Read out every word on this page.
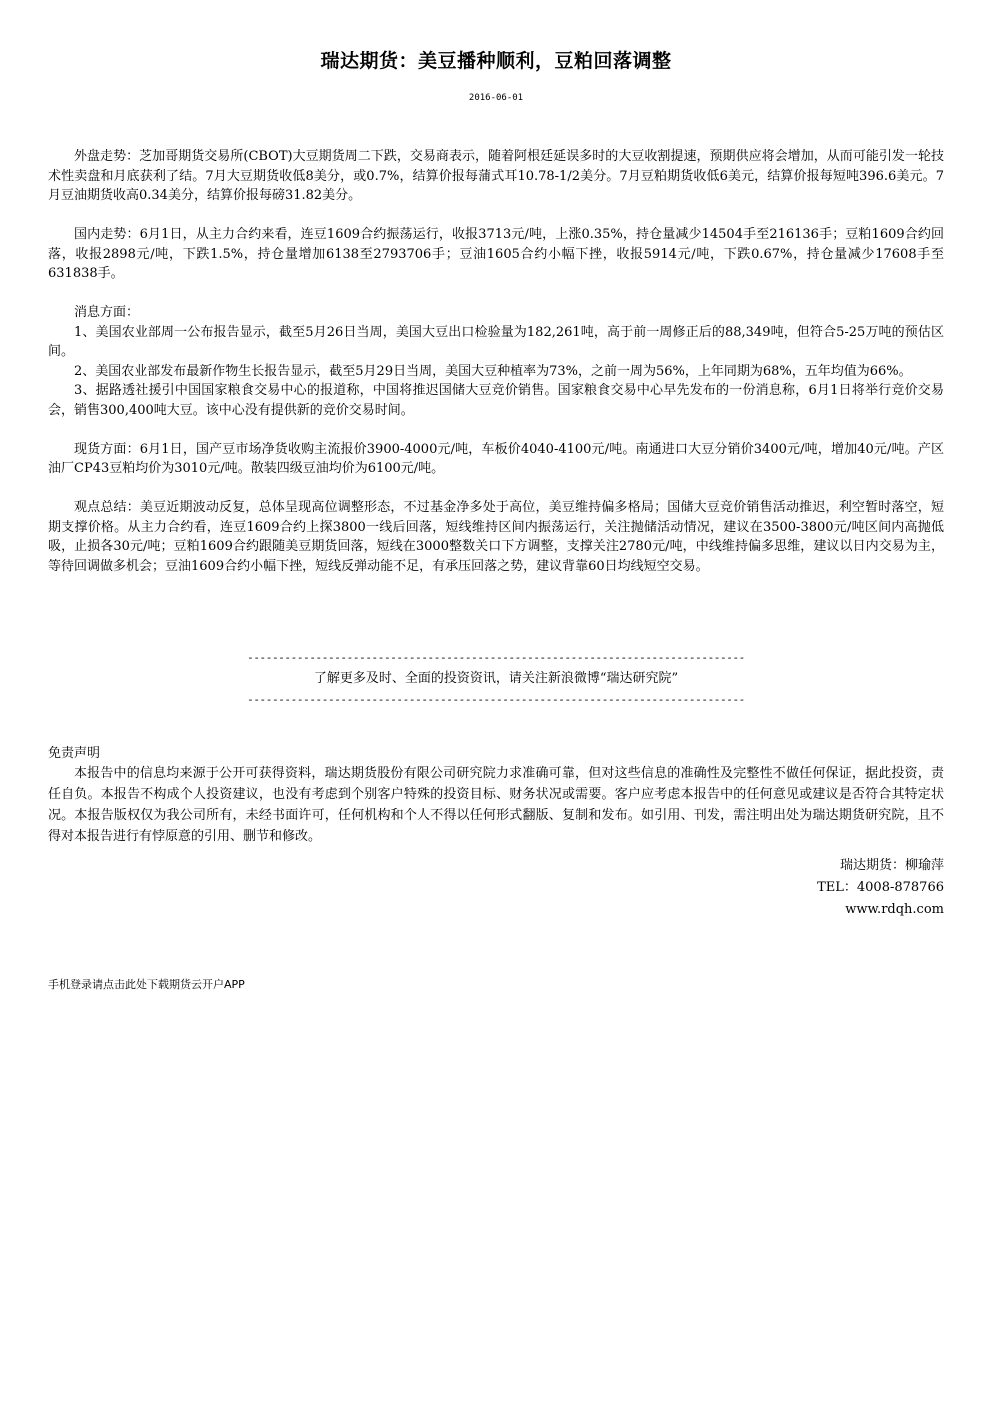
瑞达期货：美豆播种顺利，豆粕回落调整
2016-06-01

外盘走势：芝加哥期货交易所(CBOT)大豆期货周二下跌，交易商表示，随着阿根廷延误多时的大豆收割提速，预期供应将会增加，从而可能引发一轮技术性卖盘和月底获利了结。7月大豆期货收低8美分，或0.7%，结算价报每蒲式耳10.78-1/2美分。7月豆粕期货收低6美元，结算价报每短吨396.6美元。7月豆油期货收高0.34美分，结算价报每磅31.82美分。

国内走势：6月1日，从主力合约来看，连豆1609合约振荡运行，收报3713元/吨，上涨0.35%，持仓量减少14504手至216136手；豆粕1609合约回落，收报2898元/吨，下跌1.5%，持仓量增加6138至2793706手；豆油1605合约小幅下挫，收报5914元/吨，下跌0.67%，持仓量减少17608手至631838手。

消息方面：

1、美国农业部周一公布报告显示，截至5月26日当周，美国大豆出口检验量为182,261吨，高于前一周修正后的88,349吨，但符合5-25万吨的预估区间。

2、美国农业部发布最新作物生长报告显示，截至5月29日当周，美国大豆种植率为73%，之前一周为56%，上年同期为68%，五年均值为66%。

3、据路透社援引中国国家粮食交易中心的报道称，中国将推迟国储大豆竞价销售。国家粮食交易中心早先发布的一份消息称，6月1日将举行竞价交易会，销售300,400吨大豆。该中心没有提供新的竞价交易时间。

现货方面：6月1日，国产豆市场净货收购主流报价3900-4000元/吨，车板价4040-4100元/吨。南通进口大豆分销价3400元/吨，增加40元/吨。产区油厂CP43豆粕均价为3010元/吨。散装四级豆油均价为6100元/吨。

观点总结：美豆近期波动反复，总体呈现高位调整形态，不过基金净多处于高位，美豆维持偏多格局；国储大豆竞价销售活动推迟，利空暂时落空，短期支撑价格。从主力合约看，连豆1609合约上探3800一线后回落，短线维持区间内振荡运行，关注抛储活动情况，建议在3500-3800元/吨区间内高抛低吸，止损各30元/吨；豆粕1609合约跟随美豆期货回落，短线在3000整数关口下方调整，支撑关注2780元/吨，中线维持偏多思维，建议以日内交易为主，等待回调做多机会；豆油1609合约小幅下挫，短线反弹动能不足，有承压回落之势，建议背靠60日均线短空交易。

--------------------------------------------------------------------------------
了解更多及时、全面的投资资讯，请关注新浪微博“瑞达研究院”
--------------------------------------------------------------------------------
免责声明

本报告中的信息均来源于公开可获得资料，瑞达期货股份有限公司研究院力求准确可靠，但对这些信息的准确性及完整性不做任何保证，据此投资，责任自负。本报告不构成个人投资建议，也没有考虑到个别客户特殊的投资目标、财务状况或需要。客户应考虑本报告中的任何意见或建议是否符合其特定状况。本报告版权仅为我公司所有，未经书面许可，任何机构和个人不得以任何形式翻版、复制和发布。如引用、刊发，需注明出处为瑞达期货研究院，且不得对本报告进行有悖原意的引用、删节和修改。

瑞达期货：柳瑜萍
TEL：4008-878766
www.rdqh.com
手机登录请点击此处下载期货云开户APP
